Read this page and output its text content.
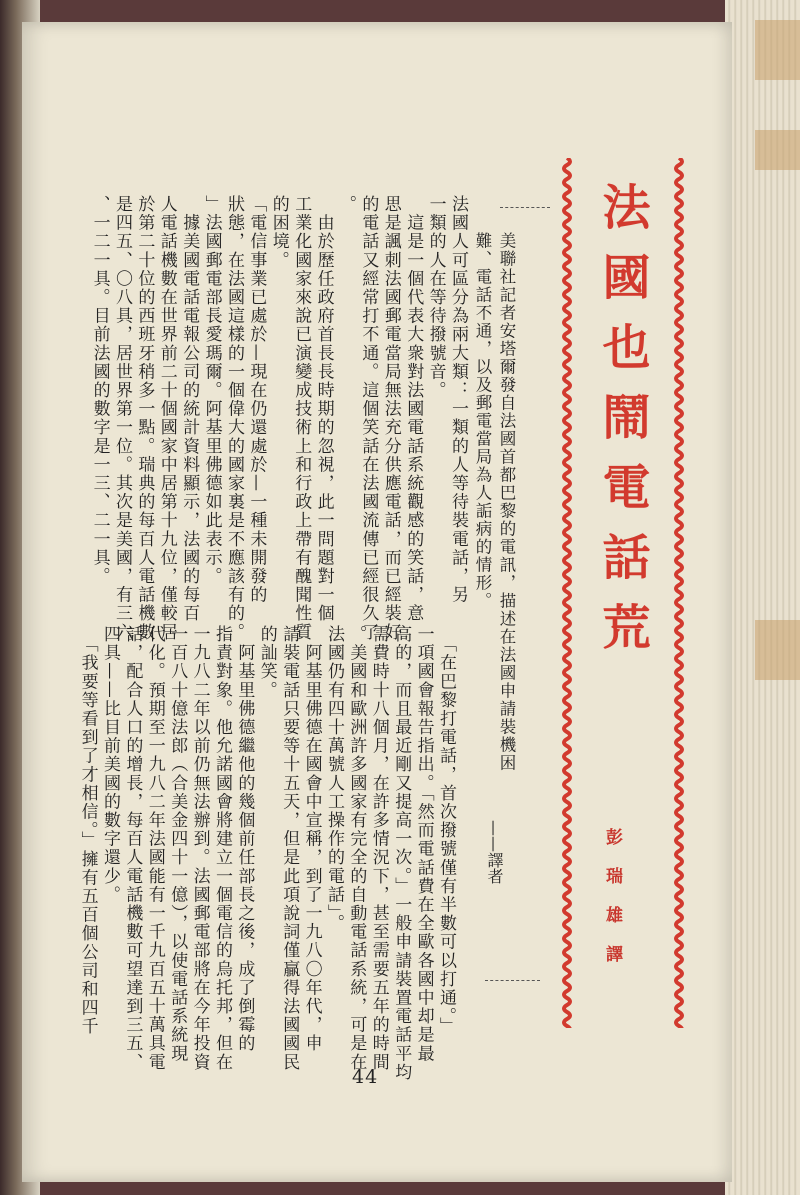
法國也鬧電話荒
彭瑞雄譯
美聯社記者安塔爾發自法國首都巴黎的電訊，描述在法國申請裝機困難、電話不通，以及郵電當局為人詬病的情形。
——譯者
法國人可區分為兩大類：一類的人等待裝電話，另
一類的人在等待撥號音。
　這是一個代表大衆對法國電話系統觀感的笑話，意
思是諷刺法國郵電當局無法充分供應電話，而已經裝好
的電話又經常打不通。這個笑話在法國流傳已經很久了
。
　由於歷任政府首長長時期的忽視，此一問題對一個
工業化國家來說已演變成技術上和行政上帶有醜聞性質
的困境。
「電信事業已處於—現在仍還處於—一種未開發的
狀態，在法國這樣的一個偉大的國家裏是不應該有的。
」法國郵電部長愛瑪爾。阿基里佛德如此表示。
　據美國電話電報公司的統計資料顯示，法國的每百
人電話機數在世界前二十個國家中居第十九位，僅較居
於第二十位的西班牙稍多一點。瑞典的每百人電話機數
是四五、〇八具，居世界第一位。其次是美國，有三六
、一二一具。目前法國的數字是一三、二一具。
　「在巴黎打電話，首次撥號僅有半數可以打通。」
一項國會報告指出。「然而電話費在全歐各國中却是最
高的，而且最近剛又提高一次。」一般申請裝置電話平均
需費時十八個月，在許多情況下，甚至需要五年的時間
。美國和歐洲許多國家有完全的自動電話系統，可是在
法國仍有四十萬號人工操作的電話」。
　阿基里佛德在國會中宣稱，到了一九八〇年代，申
請裝電話只要等十五天，但是此項說詞僅贏得法國國民
的訕笑。
　阿基里佛德繼他的幾個前任部長之後，成了倒霉的
指責對象。他允諾國會將建立一個電信的烏托邦，但在
一九八二年以前仍無法辦到。法國郵電部將在今年投資
一百八十億法郎（合美金四十一億），以使電話系統現
代化。預期至一九八二年法國能有一千九百五十萬具電
話，配合人口的增長，每百人電話機數可望達到三五、
四具——比目前美國的數字還少。
　「我要等看到了才相信。」擁有五百個公司和四千
44
